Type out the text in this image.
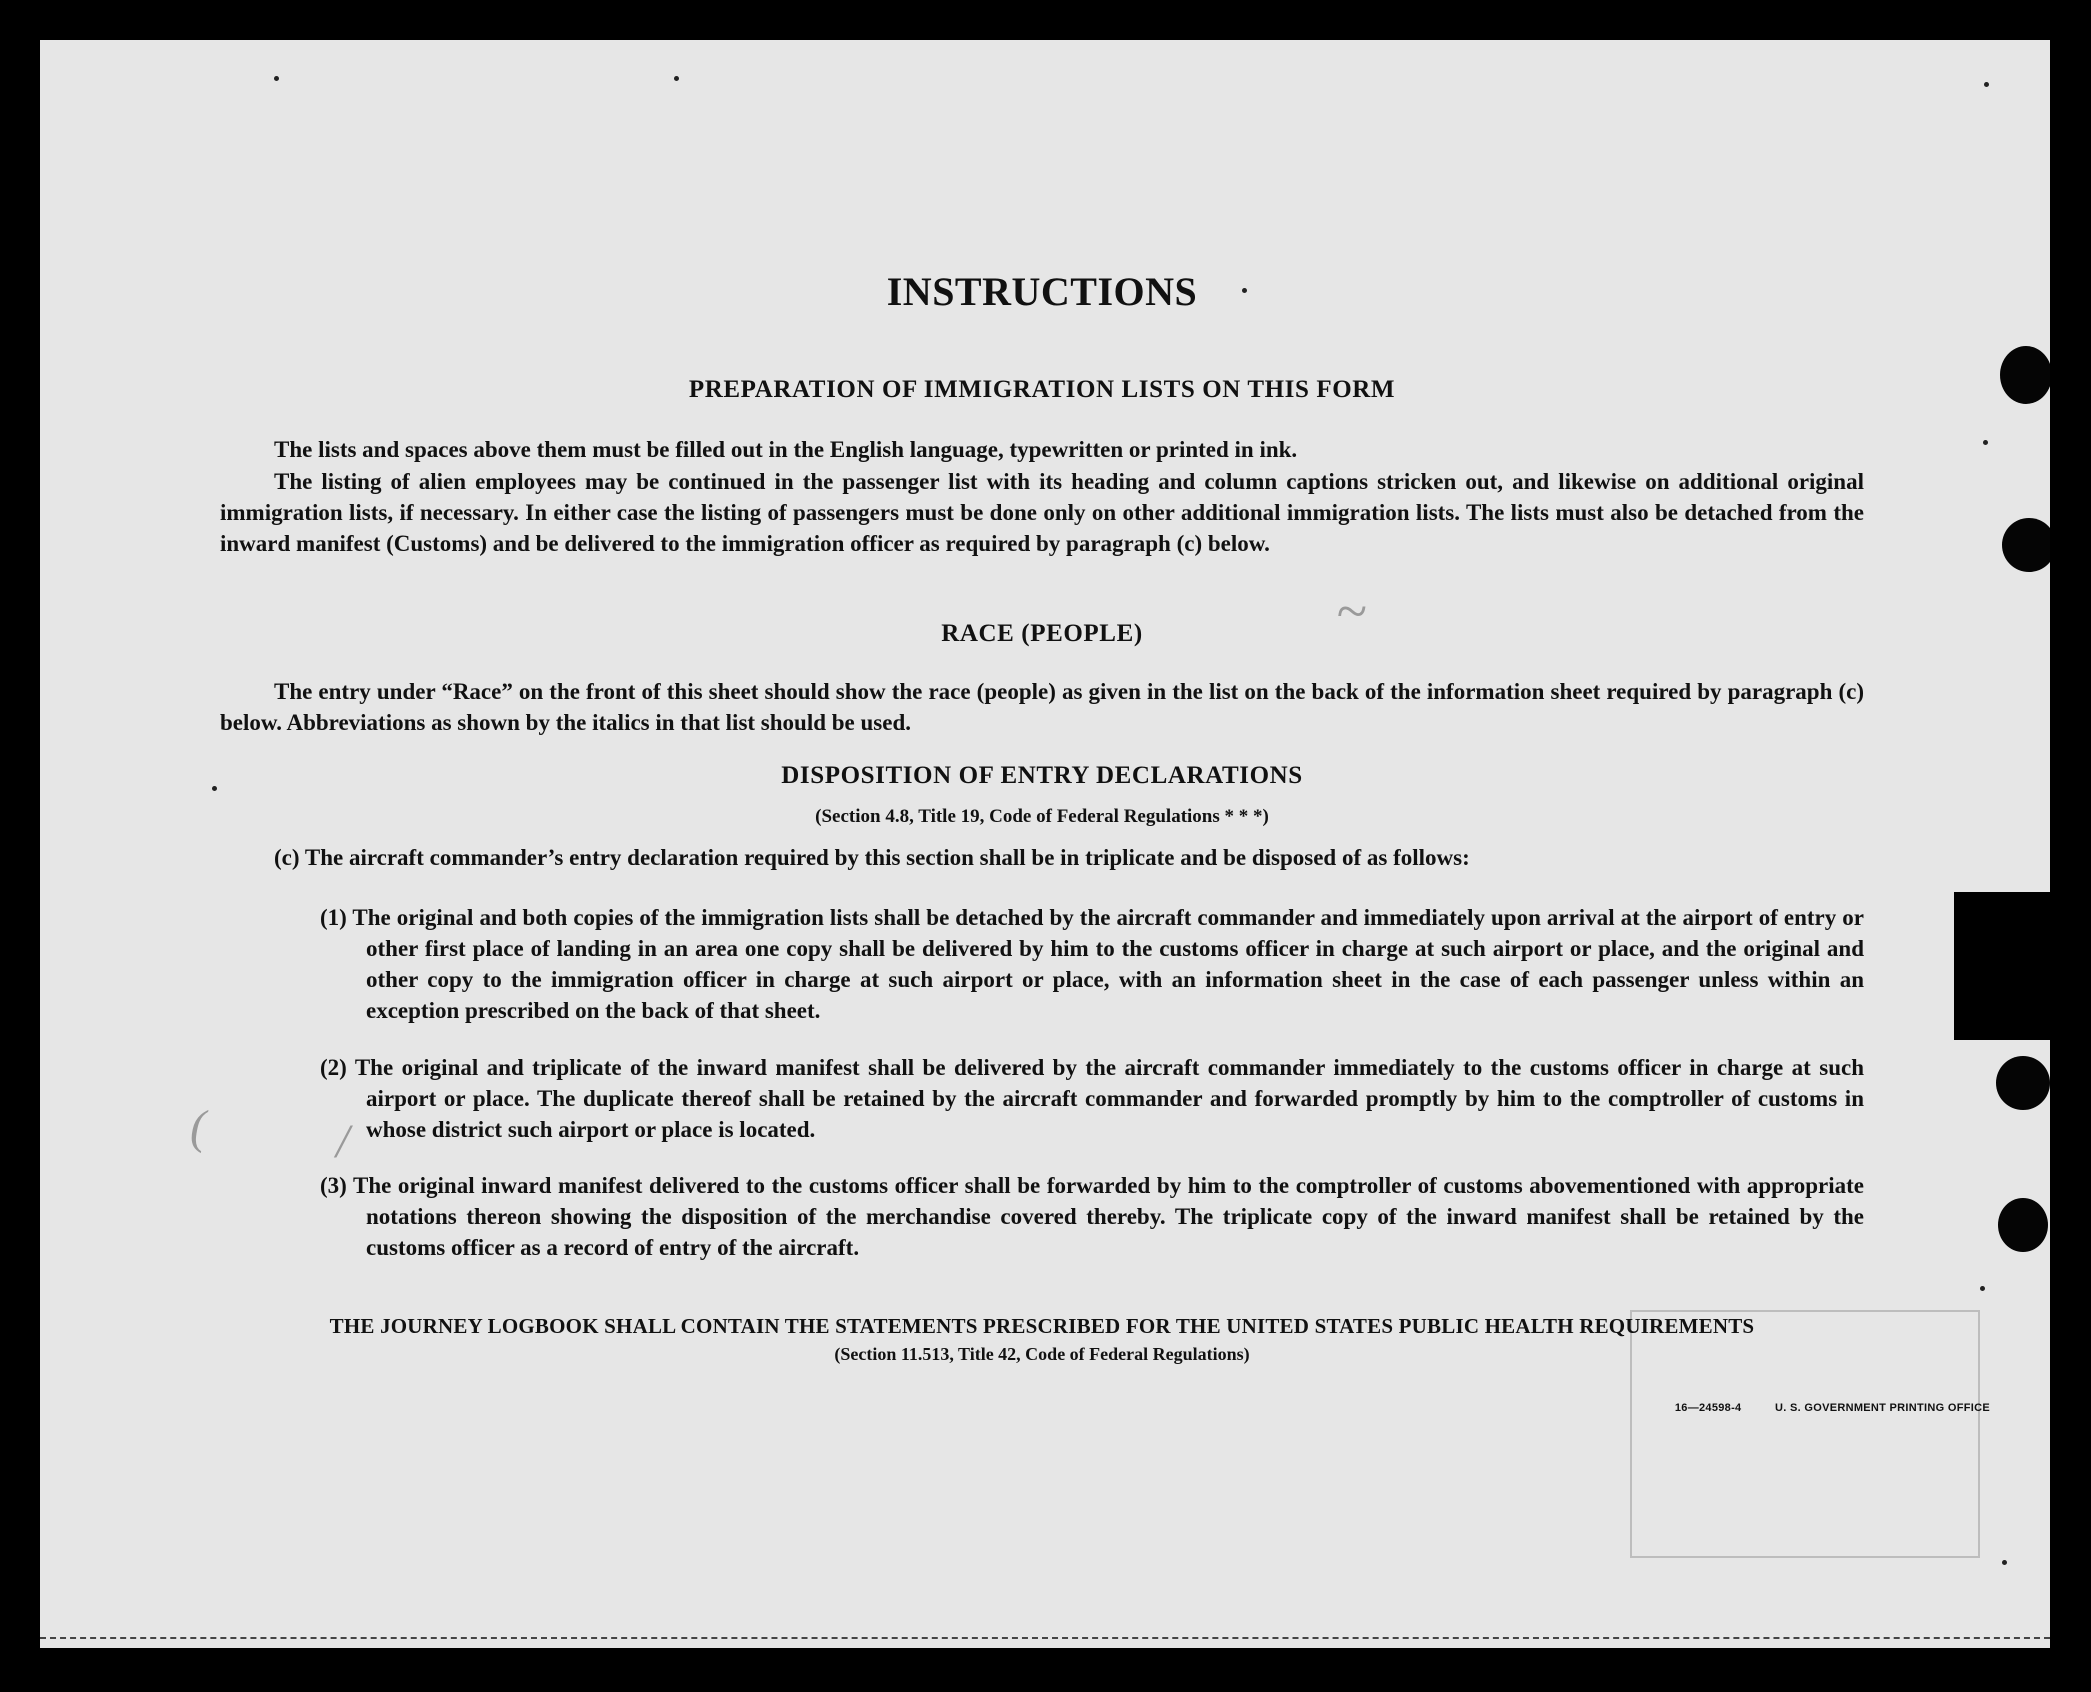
~
(	/
INSTRUCTIONS
PREPARATION OF IMMIGRATION LISTS ON THIS FORM
The lists and spaces above them must be filled out in the English language, typewritten or printed in ink.
The listing of alien employees may be continued in the passenger list with its heading and column captions stricken out, and likewise on additional original immigration lists, if necessary. In either case the listing of passengers must be done only on other additional immigration lists. The lists must also be detached from the inward manifest (Customs) and be delivered to the immigration officer as required by paragraph (c) below.
RACE (PEOPLE)
The entry under “Race” on the front of this sheet should show the race (people) as given in the list on the back of the information sheet required by paragraph (c) below. Abbreviations as shown by the italics in that list should be used.
DISPOSITION OF ENTRY DECLARATIONS
(Section 4.8, Title 19, Code of Federal Regulations * * *)
(c) The aircraft commander’s entry declaration required by this section shall be in triplicate and be disposed of as follows:
(1) The original and both copies of the immigration lists shall be detached by the aircraft commander and immediately upon arrival at the airport of entry or other first place of landing in an area one copy shall be delivered by him to the customs officer in charge at such airport or place, and the original and other copy to the immigration officer in charge at such airport or place, with an information sheet in the case of each passenger unless within an exception prescribed on the back of that sheet.
(2) The original and triplicate of the inward manifest shall be delivered by the aircraft commander immediately to the customs officer in charge at such airport or place. The duplicate thereof shall be retained by the aircraft commander and forwarded promptly by him to the comptroller of customs in whose district such airport or place is located.
(3) The original inward manifest delivered to the customs officer shall be forwarded by him to the comptroller of customs abovementioned with appropriate notations thereon showing the disposition of the merchandise covered thereby. The triplicate copy of the inward manifest shall be retained by the customs officer as a record of entry of the aircraft.
THE JOURNEY LOGBOOK SHALL CONTAIN THE STATEMENTS PRESCRIBED FOR THE UNITED STATES PUBLIC HEALTH REQUIREMENTS
(Section 11.513, Title 42, Code of Federal Regulations)
16—24598-4	U. S. GOVERNMENT PRINTING OFFICE
